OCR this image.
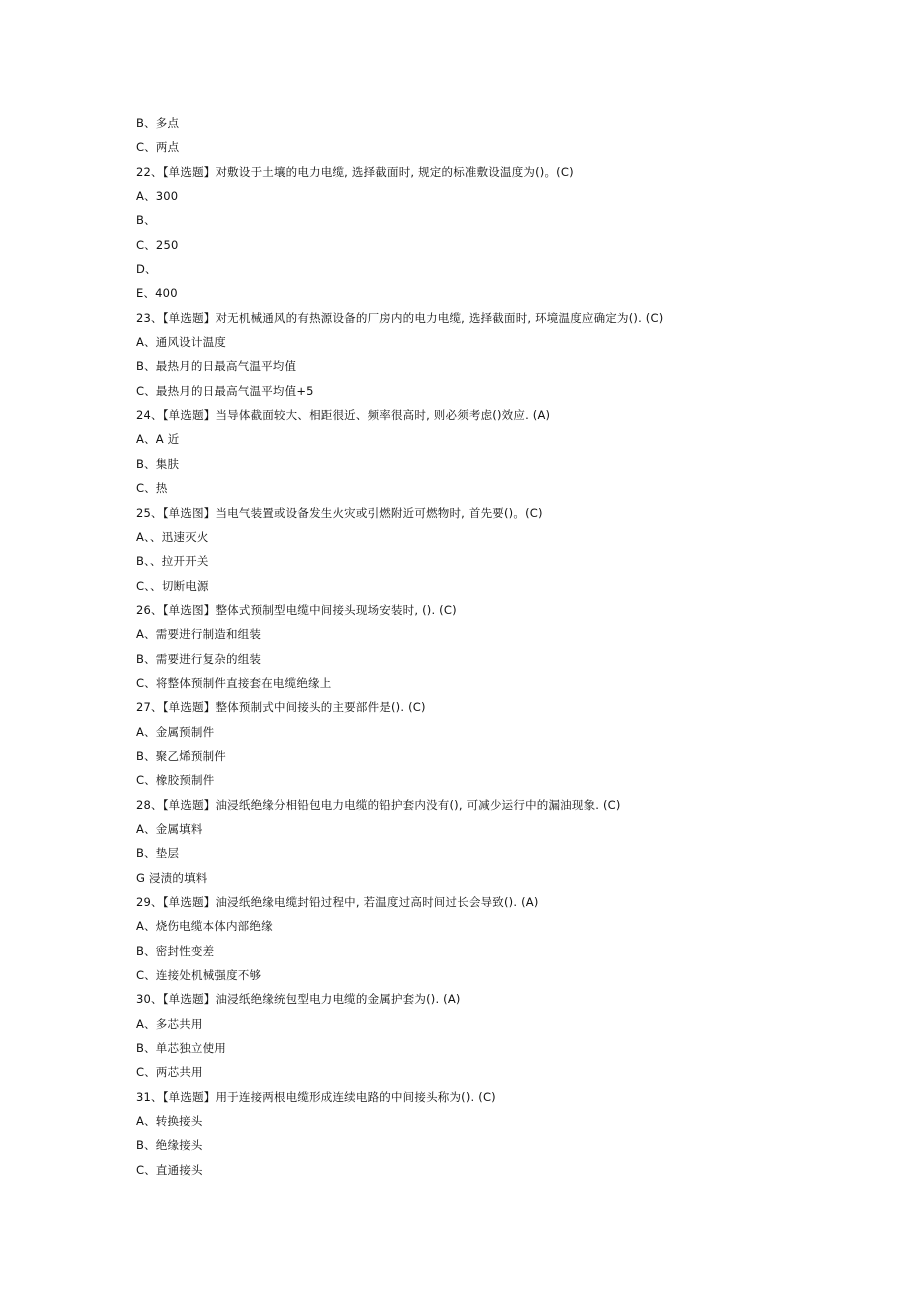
B、多点
C、两点
22、【单选题】对敷设于土壤的电力电缆, 选择截面时, 规定的标准敷设温度为()。(C)
A、300
B、
C、250
D、
E、400
23、【单选题】对无机械通风的有热源设备的厂房内的电力电缆, 选择截面时, 环境温度应确定为(). (C)
A、通风设计温度
B、最热月的日最高气温平均值
C、最热月的日最高气温平均值+5
24、【单选题】当导体截面较大、相距很近、频率很高时, 则必须考虑()效应. (A)
A、A 近
B、集肤
C、热
25、【单选图】当电气装置或设备发生火灾或引燃附近可燃物时, 首先要()。(C)
A、、迅速灭火
B、、拉开开关
C、、切断电源
26、【单选图】整体式预制型电缆中间接头现场安装时, (). (C)
A、需要进行制造和组装
B、需要进行复杂的组装
C、将整体预制件直接套在电缆绝缘上
27、【单选题】整体预制式中间接头的主要部件是(). (C)
A、金属预制件
B、聚乙烯预制件
C、橡胶预制件
28、【单选题】油浸纸绝缘分相铅包电力电缆的铅护套内没有(), 可减少运行中的漏油现象. (C)
A、金属填料
B、垫层
G 浸渍的填料
29、【单选题】油浸纸绝缘电缆封铅过程中, 若温度过高时间过长会导致(). (A)
A、烧伤电缆本体内部绝缘
B、密封性变差
C、连接处机械强度不够
30、【单选题】油浸纸绝缘统包型电力电缆的金属护套为(). (A)
A、多芯共用
B、单芯独立使用
C、两芯共用
31、【单选题】用于连接两根电缆形成连续电路的中间接头称为(). (C)
A、转换接头
B、绝缘接头
C、直通接头
